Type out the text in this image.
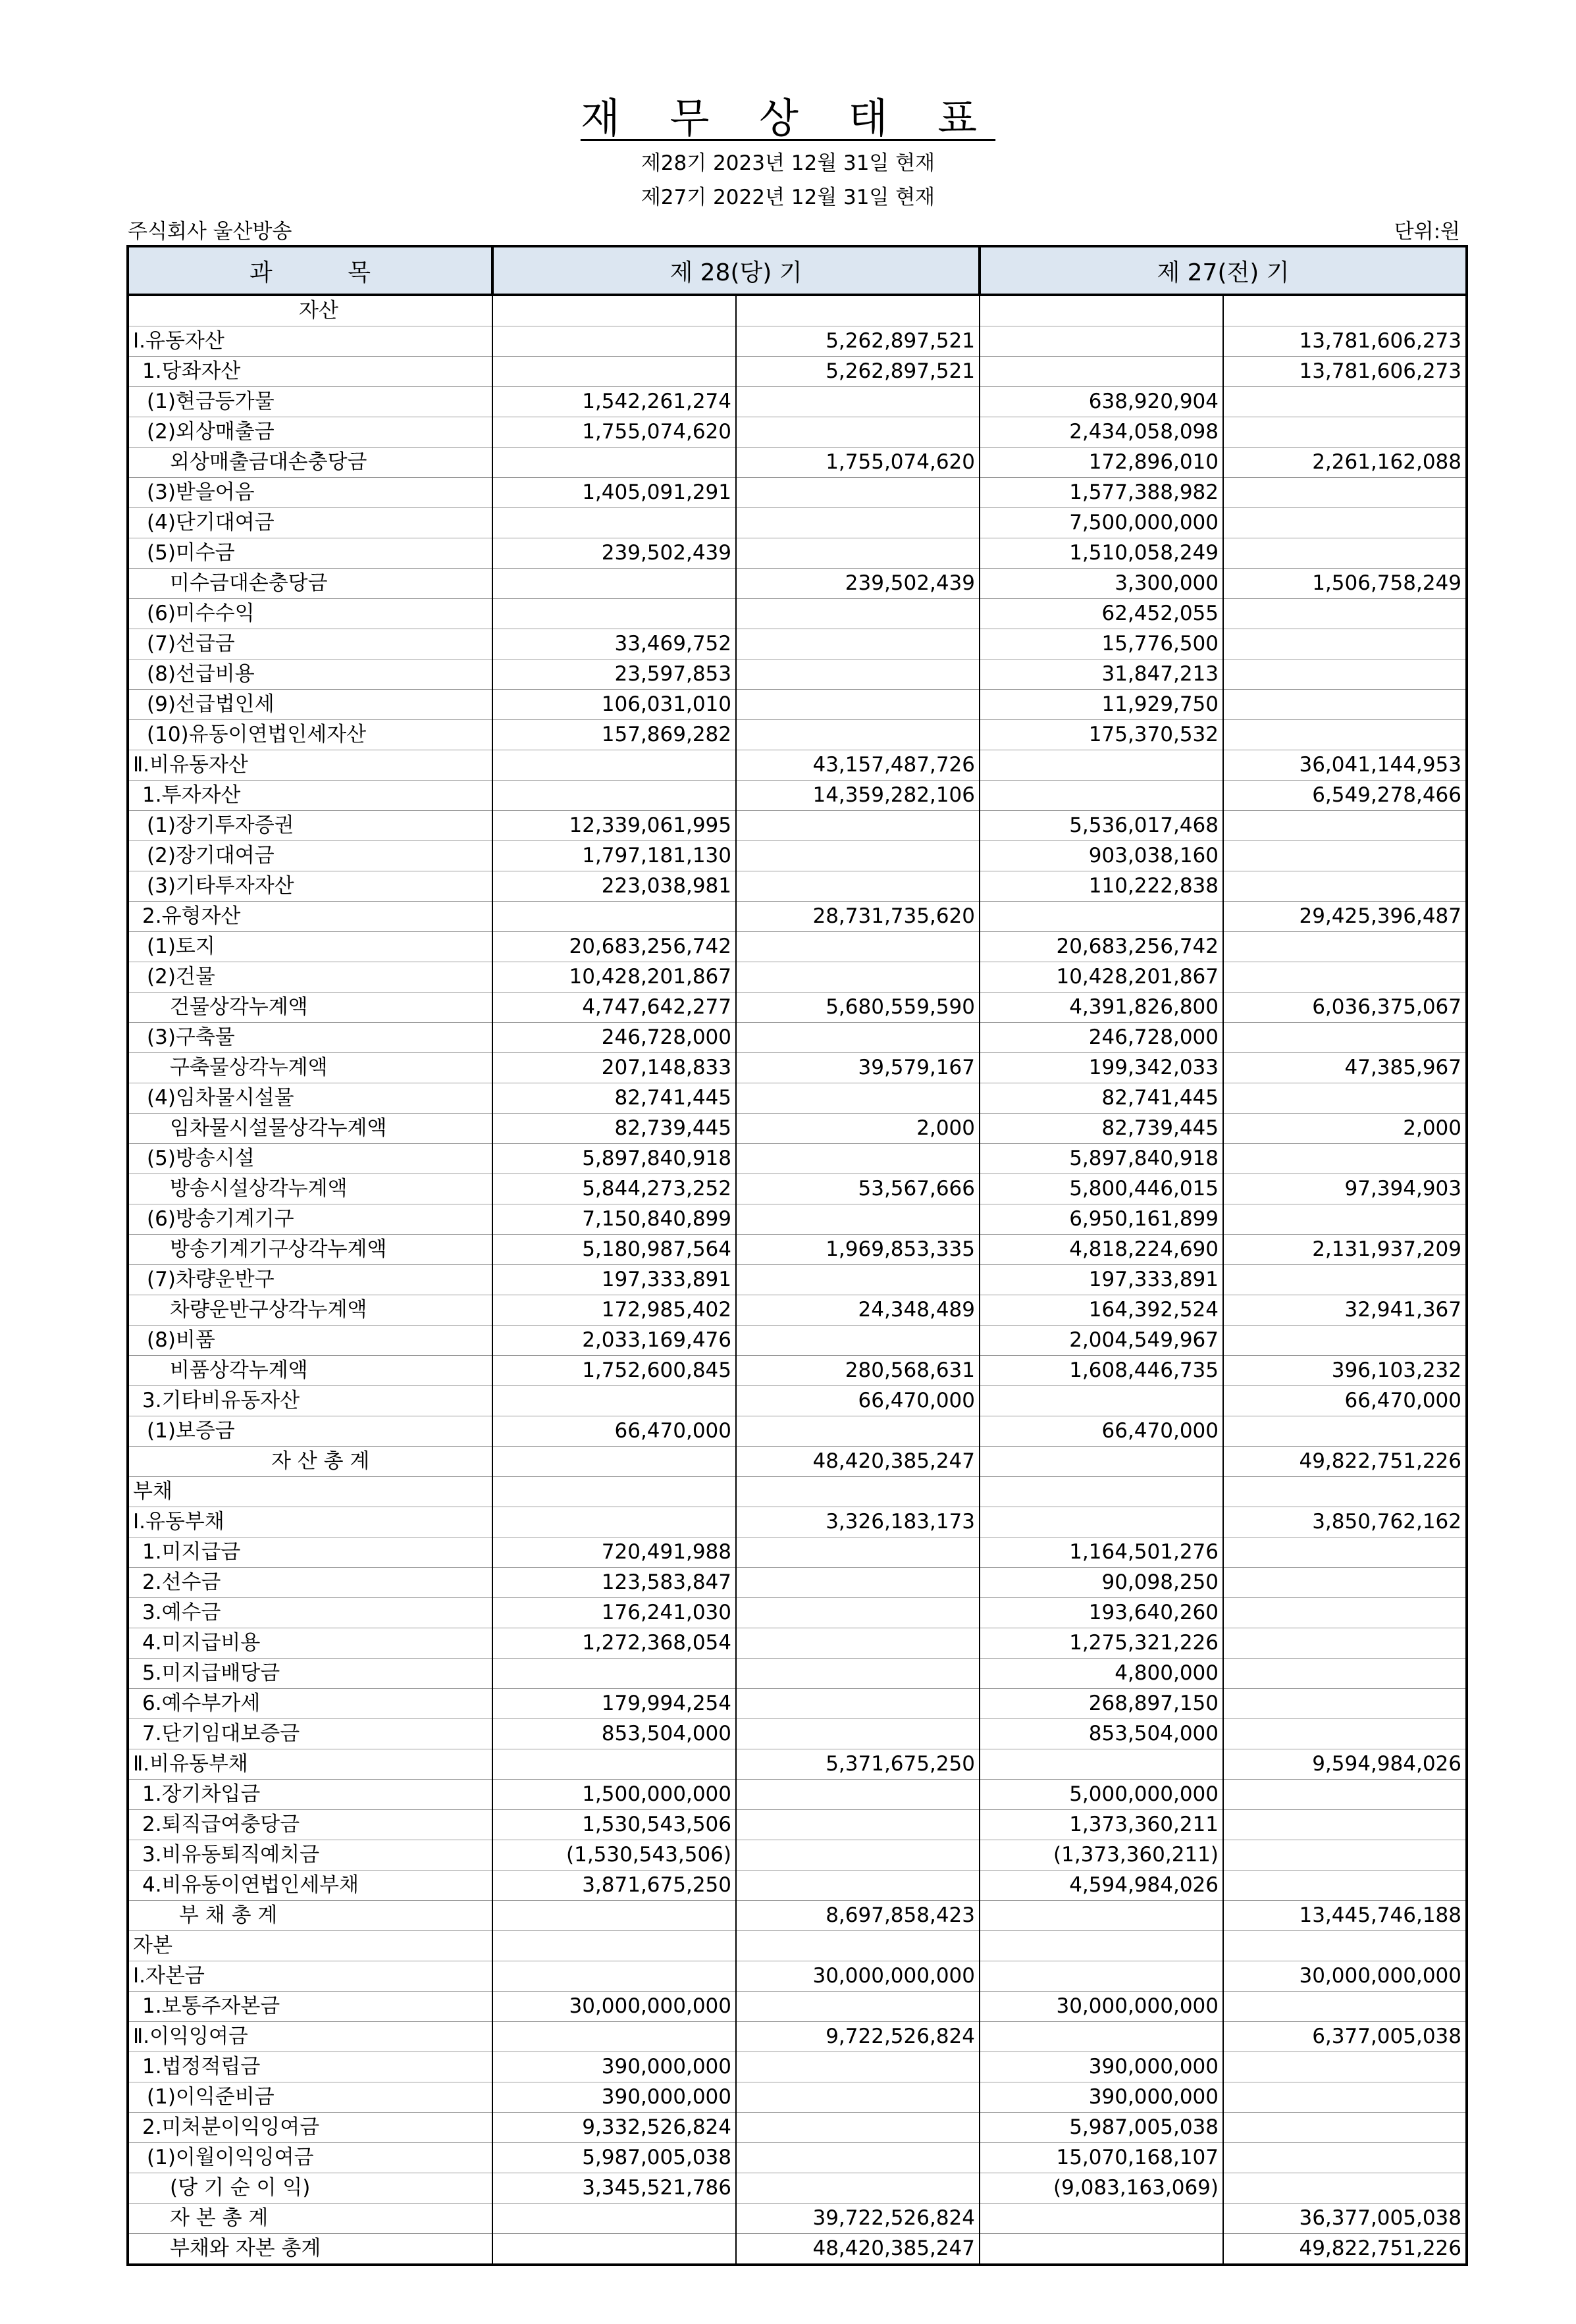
재 무 상 태 표
제28기 2023년 12월 31일 현재
제27기 2022년 12월 31일 현재
주식회사 울산방송	단위:원
과          목	제 28(당) 기		제 27(전) 기	
자산				
Ⅰ.유동자산		5,262,897,521		13,781,606,273
1.당좌자산		5,262,897,521		13,781,606,273
(1)현금등가물	1,542,261,274		638,920,904	
(2)외상매출금	1,755,074,620		2,434,058,098	
외상매출금대손충당금		1,755,074,620	172,896,010	2,261,162,088
(3)받을어음	1,405,091,291		1,577,388,982	
(4)단기대여금			7,500,000,000	
(5)미수금	239,502,439		1,510,058,249	
미수금대손충당금		239,502,439	3,300,000	1,506,758,249
(6)미수수익			62,452,055	
(7)선급금	33,469,752		15,776,500	
(8)선급비용	23,597,853		31,847,213	
(9)선급법인세	106,031,010		11,929,750	
(10)유동이연법인세자산	157,869,282		175,370,532	
Ⅱ.비유동자산		43,157,487,726		36,041,144,953
1.투자자산		14,359,282,106		6,549,278,466
(1)장기투자증권	12,339,061,995		5,536,017,468	
(2)장기대여금	1,797,181,130		903,038,160	
(3)기타투자자산	223,038,981		110,222,838	
2.유형자산		28,731,735,620		29,425,396,487
(1)토지	20,683,256,742		20,683,256,742	
(2)건물	10,428,201,867		10,428,201,867	
건물상각누계액	4,747,642,277	5,680,559,590	4,391,826,800	6,036,375,067
(3)구축물	246,728,000		246,728,000	
구축물상각누계액	207,148,833	39,579,167	199,342,033	47,385,967
(4)임차물시설물	82,741,445		82,741,445	
임차물시설물상각누계액	82,739,445	2,000	82,739,445	2,000
(5)방송시설	5,897,840,918		5,897,840,918	
방송시설상각누계액	5,844,273,252	53,567,666	5,800,446,015	97,394,903
(6)방송기계기구	7,150,840,899		6,950,161,899	
방송기계기구상각누계액	5,180,987,564	1,969,853,335	4,818,224,690	2,131,937,209
(7)차량운반구	197,333,891		197,333,891	
차량운반구상각누계액	172,985,402	24,348,489	164,392,524	32,941,367
(8)비품	2,033,169,476		2,004,549,967	
비품상각누계액	1,752,600,845	280,568,631	1,608,446,735	396,103,232
3.기타비유동자산		66,470,000		66,470,000
(1)보증금	66,470,000		66,470,000	
자 산 총 계		48,420,385,247		49,822,751,226
부채				
Ⅰ.유동부채		3,326,183,173		3,850,762,162
1.미지급금	720,491,988		1,164,501,276	
2.선수금	123,583,847		90,098,250	
3.예수금	176,241,030		193,640,260	
4.미지급비용	1,272,368,054		1,275,321,226	
5.미지급배당금			4,800,000	
6.예수부가세	179,994,254		268,897,150	
7.단기임대보증금	853,504,000		853,504,000	
Ⅱ.비유동부채		5,371,675,250		9,594,984,026
1.장기차입금	1,500,000,000		5,000,000,000	
2.퇴직급여충당금	1,530,543,506		1,373,360,211	
3.비유동퇴직예치금	(1,530,543,506)		(1,373,360,211)	
4.비유동이연법인세부채	3,871,675,250		4,594,984,026	
부 채 총 계		8,697,858,423		13,445,746,188
자본				
Ⅰ.자본금		30,000,000,000		30,000,000,000
1.보통주자본금	30,000,000,000		30,000,000,000	
Ⅱ.이익잉여금		9,722,526,824		6,377,005,038
1.법정적립금	390,000,000		390,000,000	
(1)이익준비금	390,000,000		390,000,000	
2.미처분이익잉여금	9,332,526,824		5,987,005,038	
(1)이월이익잉여금	5,987,005,038		15,070,168,107	
(당 기 순 이 익)	3,345,521,786		(9,083,163,069)	
자 본 총 계		39,722,526,824		36,377,005,038
부채와 자본 총계		48,420,385,247		49,822,751,226
